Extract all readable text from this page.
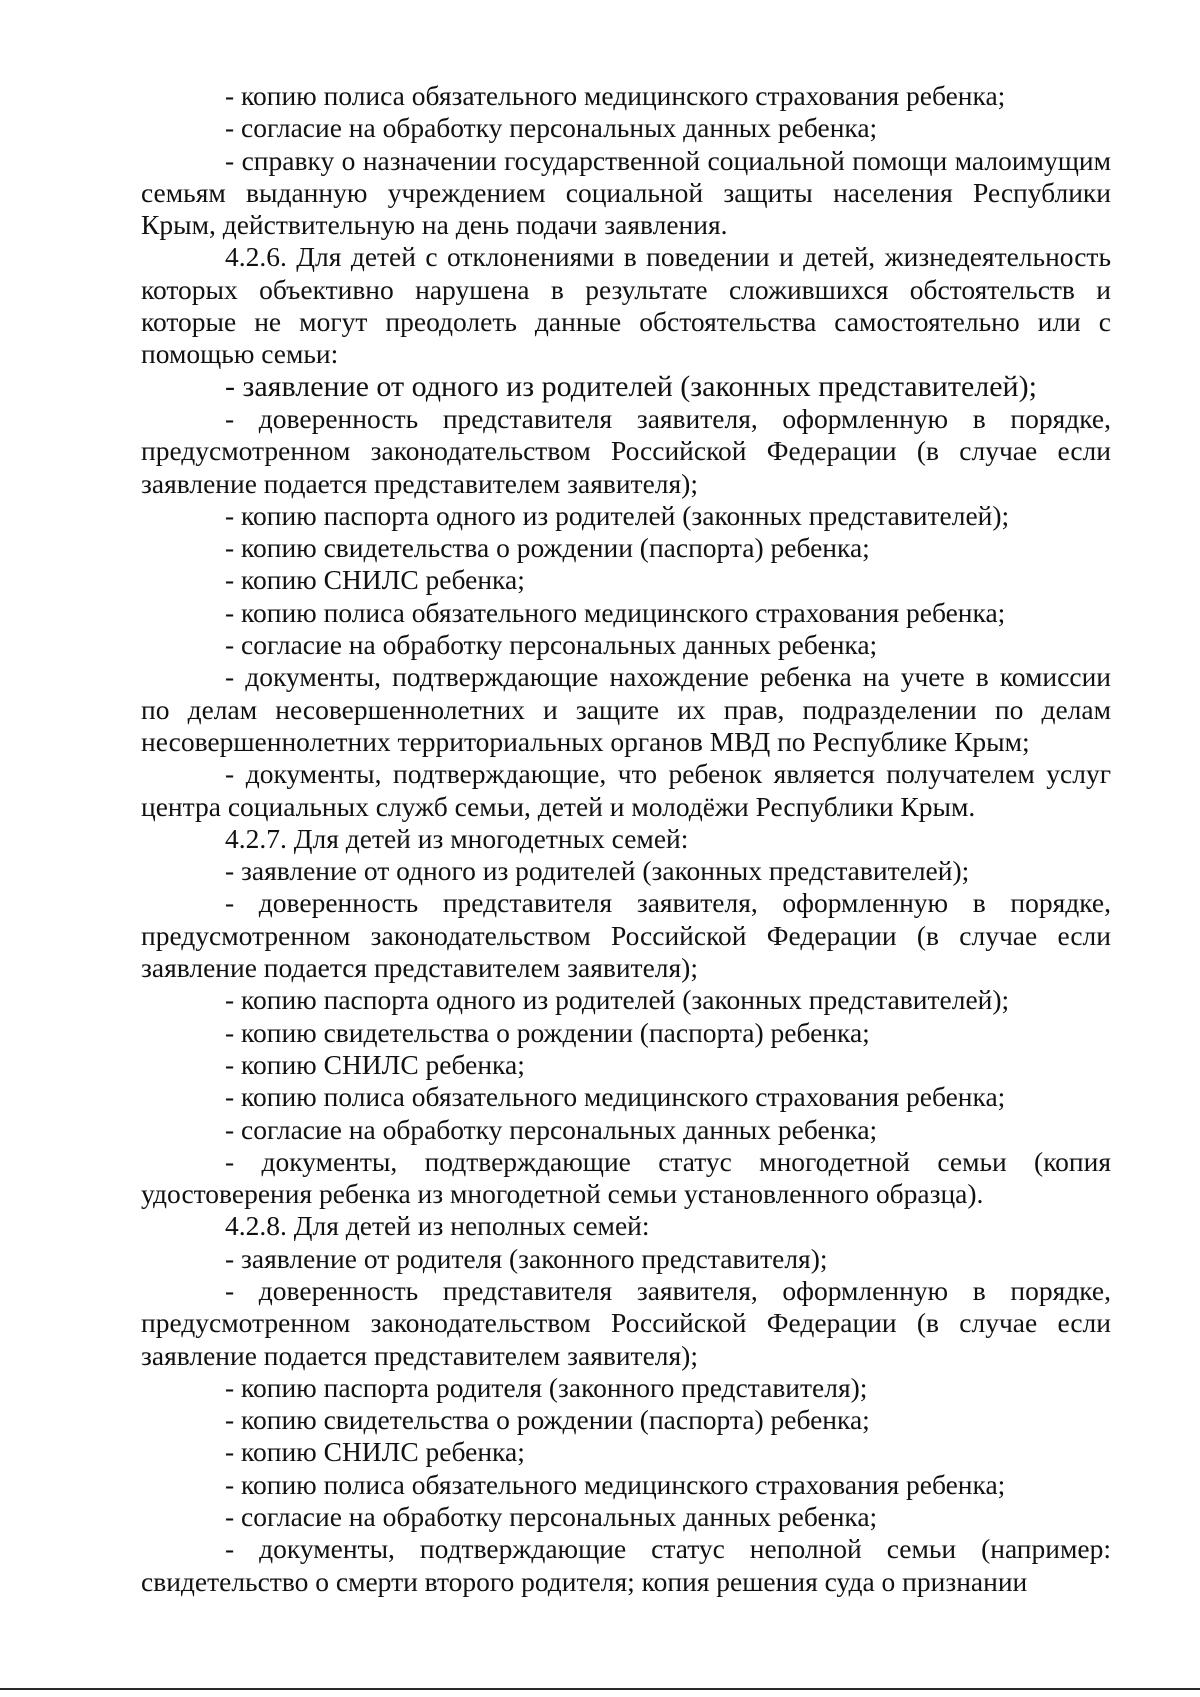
- копию полиса обязательного медицинского страхования ребенка;

- согласие на обработку персональных данных ребенка;

- справку о назначении государственной социальной помощи малоимущим семьям выданную учреждением социальной защиты населения Республики Крым, действительную на день подачи заявления.

4.2.6. Для детей с отклонениями в поведении и детей, жизнедеятельность которых объективно нарушена в результате сложившихся обстоятельств и которые не могут преодолеть данные обстоятельства самостоятельно или с помощью семьи:

- заявление от одного из родителей (законных представителей);

- доверенность представителя заявителя, оформленную в порядке, предусмотренном законодательством Российской Федерации (в случае если заявление подается представителем заявителя);

- копию паспорта одного из родителей (законных представителей);

- копию свидетельства о рождении (паспорта) ребенка;

- копию СНИЛС ребенка;

- копию полиса обязательного медицинского страхования ребенка;

- согласие на обработку персональных данных ребенка;

- документы, подтверждающие нахождение ребенка на учете в комиссии по делам несовершеннолетних и защите их прав, подразделении по делам несовершеннолетних территориальных органов МВД по Республике Крым;

- документы, подтверждающие, что ребенок является получателем услуг центра социальных служб семьи, детей и молодёжи Республики Крым.

4.2.7. Для детей из многодетных семей:

- заявление от одного из родителей (законных представителей);

- доверенность представителя заявителя, оформленную в порядке, предусмотренном законодательством Российской Федерации (в случае если заявление подается представителем заявителя);

- копию паспорта одного из родителей (законных представителей);

- копию свидетельства о рождении (паспорта) ребенка;

- копию СНИЛС ребенка;

- копию полиса обязательного медицинского страхования ребенка;

- согласие на обработку персональных данных ребенка;

- документы, подтверждающие статус многодетной семьи (копия удостоверения ребенка из многодетной семьи установленного образца).

4.2.8. Для детей из неполных семей:

- заявление от родителя (законного представителя);

- доверенность представителя заявителя, оформленную в порядке, предусмотренном законодательством Российской Федерации (в случае если заявление подается представителем заявителя);

- копию паспорта родителя (законного представителя);

- копию свидетельства о рождении (паспорта) ребенка;

- копию СНИЛС ребенка;

- копию полиса обязательного медицинского страхования ребенка;

- согласие на обработку персональных данных ребенка;

- документы, подтверждающие статус неполной семьи (например: свидетельство о смерти второго родителя; копия решения суда о признании
